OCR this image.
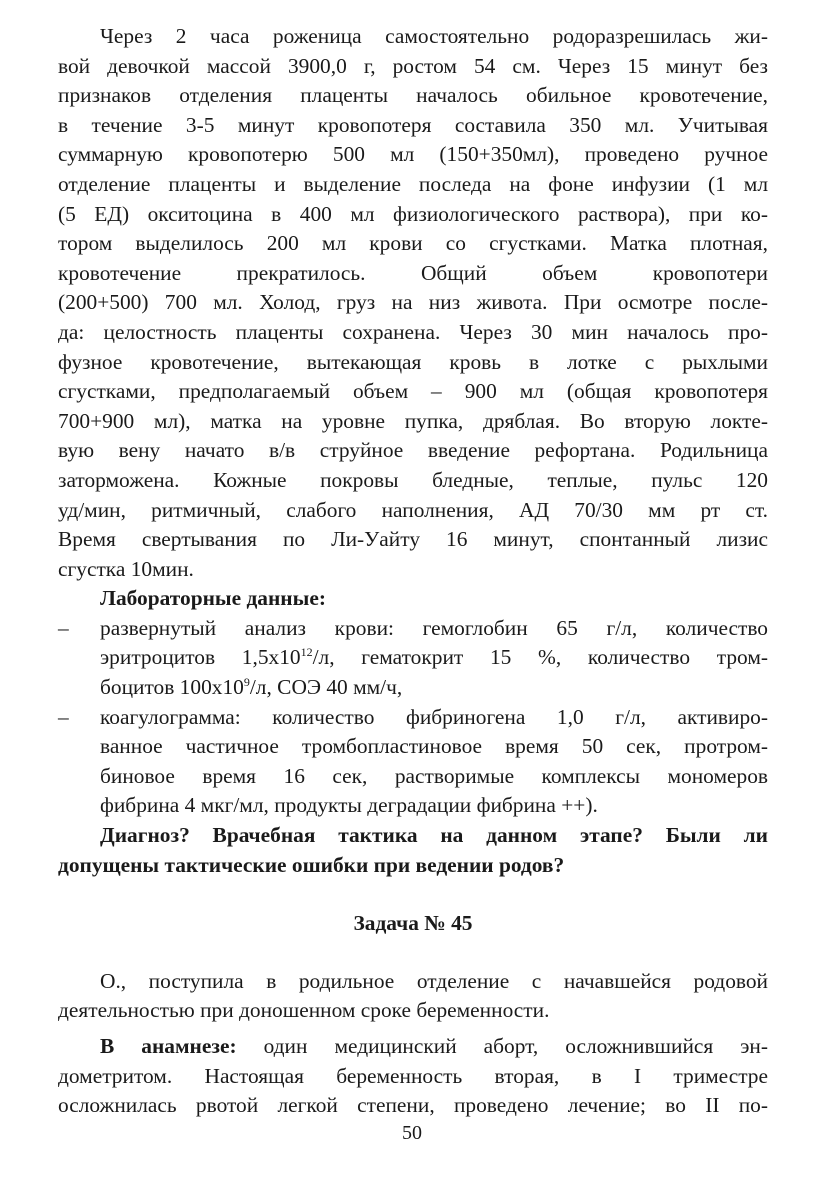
Через 2 часа роженица самостоятельно родоразрешилась жи-
вой девочкой массой 3900,0 г, ростом 54 см. Через 15 минут без
признаков отделения плаценты началось обильное кровотечение,
в течение 3-5 минут кровопотеря составила 350 мл. Учитывая
суммарную кровопотерю 500 мл (150+350мл), проведено ручное
отделение плаценты и выделение последа на фоне инфузии (1 мл
(5 ЕД) окситоцина в 400 мл физиологического раствора), при ко-
тором выделилось 200 мл крови со сгустками. Матка плотная,
кровотечение прекратилось. Общий объем кровопотери
(200+500) 700 мл. Холод, груз на низ живота. При осмотре после-
да: целостность плаценты сохранена. Через 30 мин началось про-
фузное кровотечение, вытекающая кровь в лотке с рыхлыми
сгустками, предполагаемый объем – 900 мл (общая кровопотеря
700+900 мл), матка на уровне пупка, дряблая. Во вторую локте-
вую вену начато в/в струйное введение рефортана. Родильница
заторможена. Кожные покровы бледные, теплые, пульс 120
уд/мин, ритмичный, слабого наполнения, АД 70/30 мм рт ст.
Время свертывания по Ли-Уайту 16 минут, спонтанный лизис
сгустка 10мин.
Лабораторные данные:
– развернутый анализ крови: гемоглобин 65 г/л, количество
эритроцитов $1,5х10^{12}/л$, гематокрит 15 %, количество тром-
боцитов $100х10^9/л$, СОЭ 40 мм/ч,
– коагулограмма: количество фибриногена 1,0 г/л, активиро-
ванное частичное тромбопластиновое время 50 сек, протром-
биновое время 16 сек, растворимые комплексы мономеров
фибрина 4 мкг/мл, продукты деградации фибрина ++).
Диагноз? Врачебная тактика на данном этапе? Были ли
допущены тактические ошибки при ведении родов?
Задача № 45
О., поступила в родильное отделение с начавшейся родовой
деятельностью при доношенном сроке беременности.
В анамнезе: один медицинский аборт, осложнившийся эн-
дометритом. Настоящая беременность вторая, в I триместре
осложнилась рвотой легкой степени, проведено лечение; во II по-
50
